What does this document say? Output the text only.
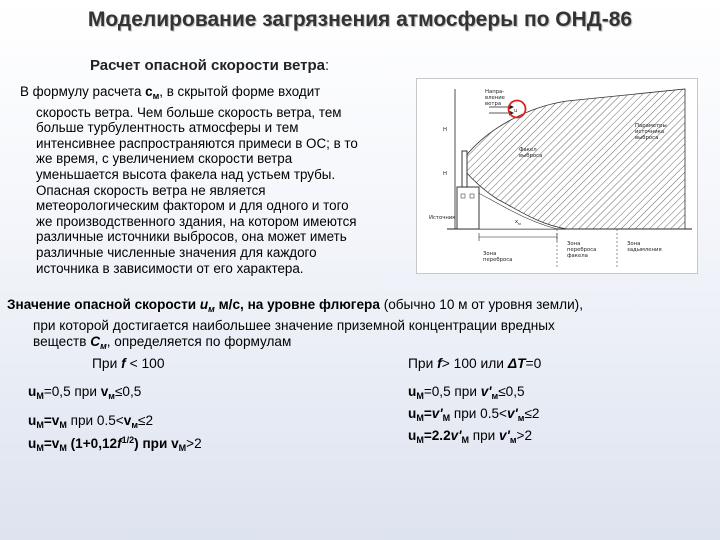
Моделирование загрязнения атмосферы по ОНД-86
Расчет опасной скорости ветра:
В формулу расчета $c_м$, в скрытой форме входит
скорость ветра. Чем больше скорость ветра, тем
больше турбулентность атмосферы и тем
интенсивнее распространяются примеси в ОС; в то
же время, с увеличением скорости ветра
уменьшается высота факела над устьем трубы.
Опасная скорость ветра не является
метеорологическим фактором и для одного и того
же производственного здания, на котором имеются
различные источники выбросов, она может иметь
различные численные значения для каждого
источника в зависимости от его характера.
Напра-
вление
ветра
u
Н
Н
Факел
выброса
Параметры
источника
выброса
x м
Источник
Зона
переброса
факела
Зона
задымления
Зона
переброса
Значение опасной скорости $u_м$ м/с, на уровне флюгера (обычно 10 м от уровня земли),
при которой достигается наибольшее значение приземной концентрации вредных
веществ $С_м$, определяется по формулам
При f < 100	При f> 100 или ΔT=0
$u_М=0,5$ при $v_м\le 0,5$
$u_М=v_М$ при $0.5<v_м\le 2$
$u_М=v_М$ $(1+0,12f^{1/2})$ при $v_М>2$
$u_М=0,5$ при $v'_м\le 0,5$
$u_М=v'_М$ при $0.5<v'_м\le 2$
$u_М=2.2v'_М$ при $v'_м>2$
